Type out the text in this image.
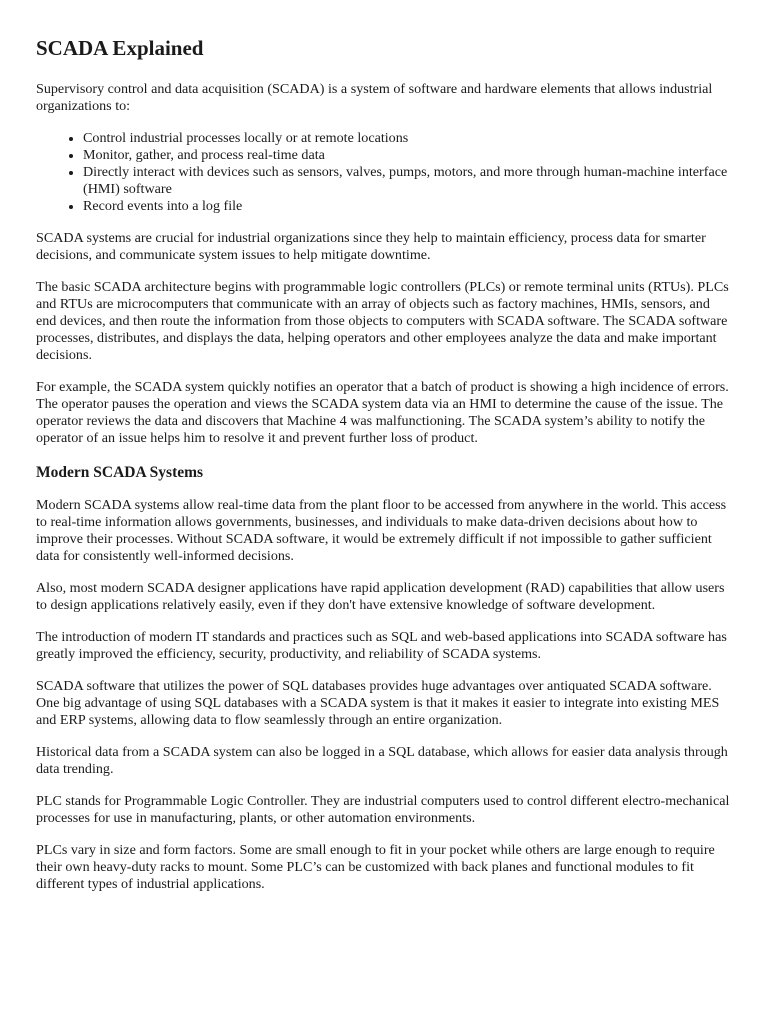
SCADA Explained

Supervisory control and data acquisition (SCADA) is a system of software and hardware elements that allows industrial organizations to:

• Control industrial processes locally or at remote locations
• Monitor, gather, and process real-time data
• Directly interact with devices such as sensors, valves, pumps, motors, and more through human-machine interface (HMI) software
• Record events into a log file

SCADA systems are crucial for industrial organizations since they help to maintain efficiency, process data for smarter decisions, and communicate system issues to help mitigate downtime.

The basic SCADA architecture begins with programmable logic controllers (PLCs) or remote terminal units (RTUs). PLCs and RTUs are microcomputers that communicate with an array of objects such as factory machines, HMIs, sensors, and end devices, and then route the information from those objects to computers with SCADA software. The SCADA software processes, distributes, and displays the data, helping operators and other employees analyze the data and make important decisions.

For example, the SCADA system quickly notifies an operator that a batch of product is showing a high incidence of errors. The operator pauses the operation and views the SCADA system data via an HMI to determine the cause of the issue. The operator reviews the data and discovers that Machine 4 was malfunctioning. The SCADA system’s ability to notify the operator of an issue helps him to resolve it and prevent further loss of product.

Modern SCADA Systems

Modern SCADA systems allow real-time data from the plant floor to be accessed from anywhere in the world. This access to real-time information allows governments, businesses, and individuals to make data-driven decisions about how to improve their processes. Without SCADA software, it would be extremely difficult if not impossible to gather sufficient data for consistently well-informed decisions.

Also, most modern SCADA designer applications have rapid application development (RAD) capabilities that allow users to design applications relatively easily, even if they don't have extensive knowledge of software development.

The introduction of modern IT standards and practices such as SQL and web-based applications into SCADA software has greatly improved the efficiency, security, productivity, and reliability of SCADA systems.

SCADA software that utilizes the power of SQL databases provides huge advantages over antiquated SCADA software. One big advantage of using SQL databases with a SCADA system is that it makes it easier to integrate into existing MES and ERP systems, allowing data to flow seamlessly through an entire organization.

Historical data from a SCADA system can also be logged in a SQL database, which allows for easier data analysis through data trending.

PLC stands for Programmable Logic Controller. They are industrial computers used to control different electro-mechanical processes for use in manufacturing, plants, or other automation environments.

PLCs vary in size and form factors. Some are small enough to fit in your pocket while others are large enough to require their own heavy-duty racks to mount. Some PLC’s can be customized with back planes and functional modules to fit different types of industrial applications.
